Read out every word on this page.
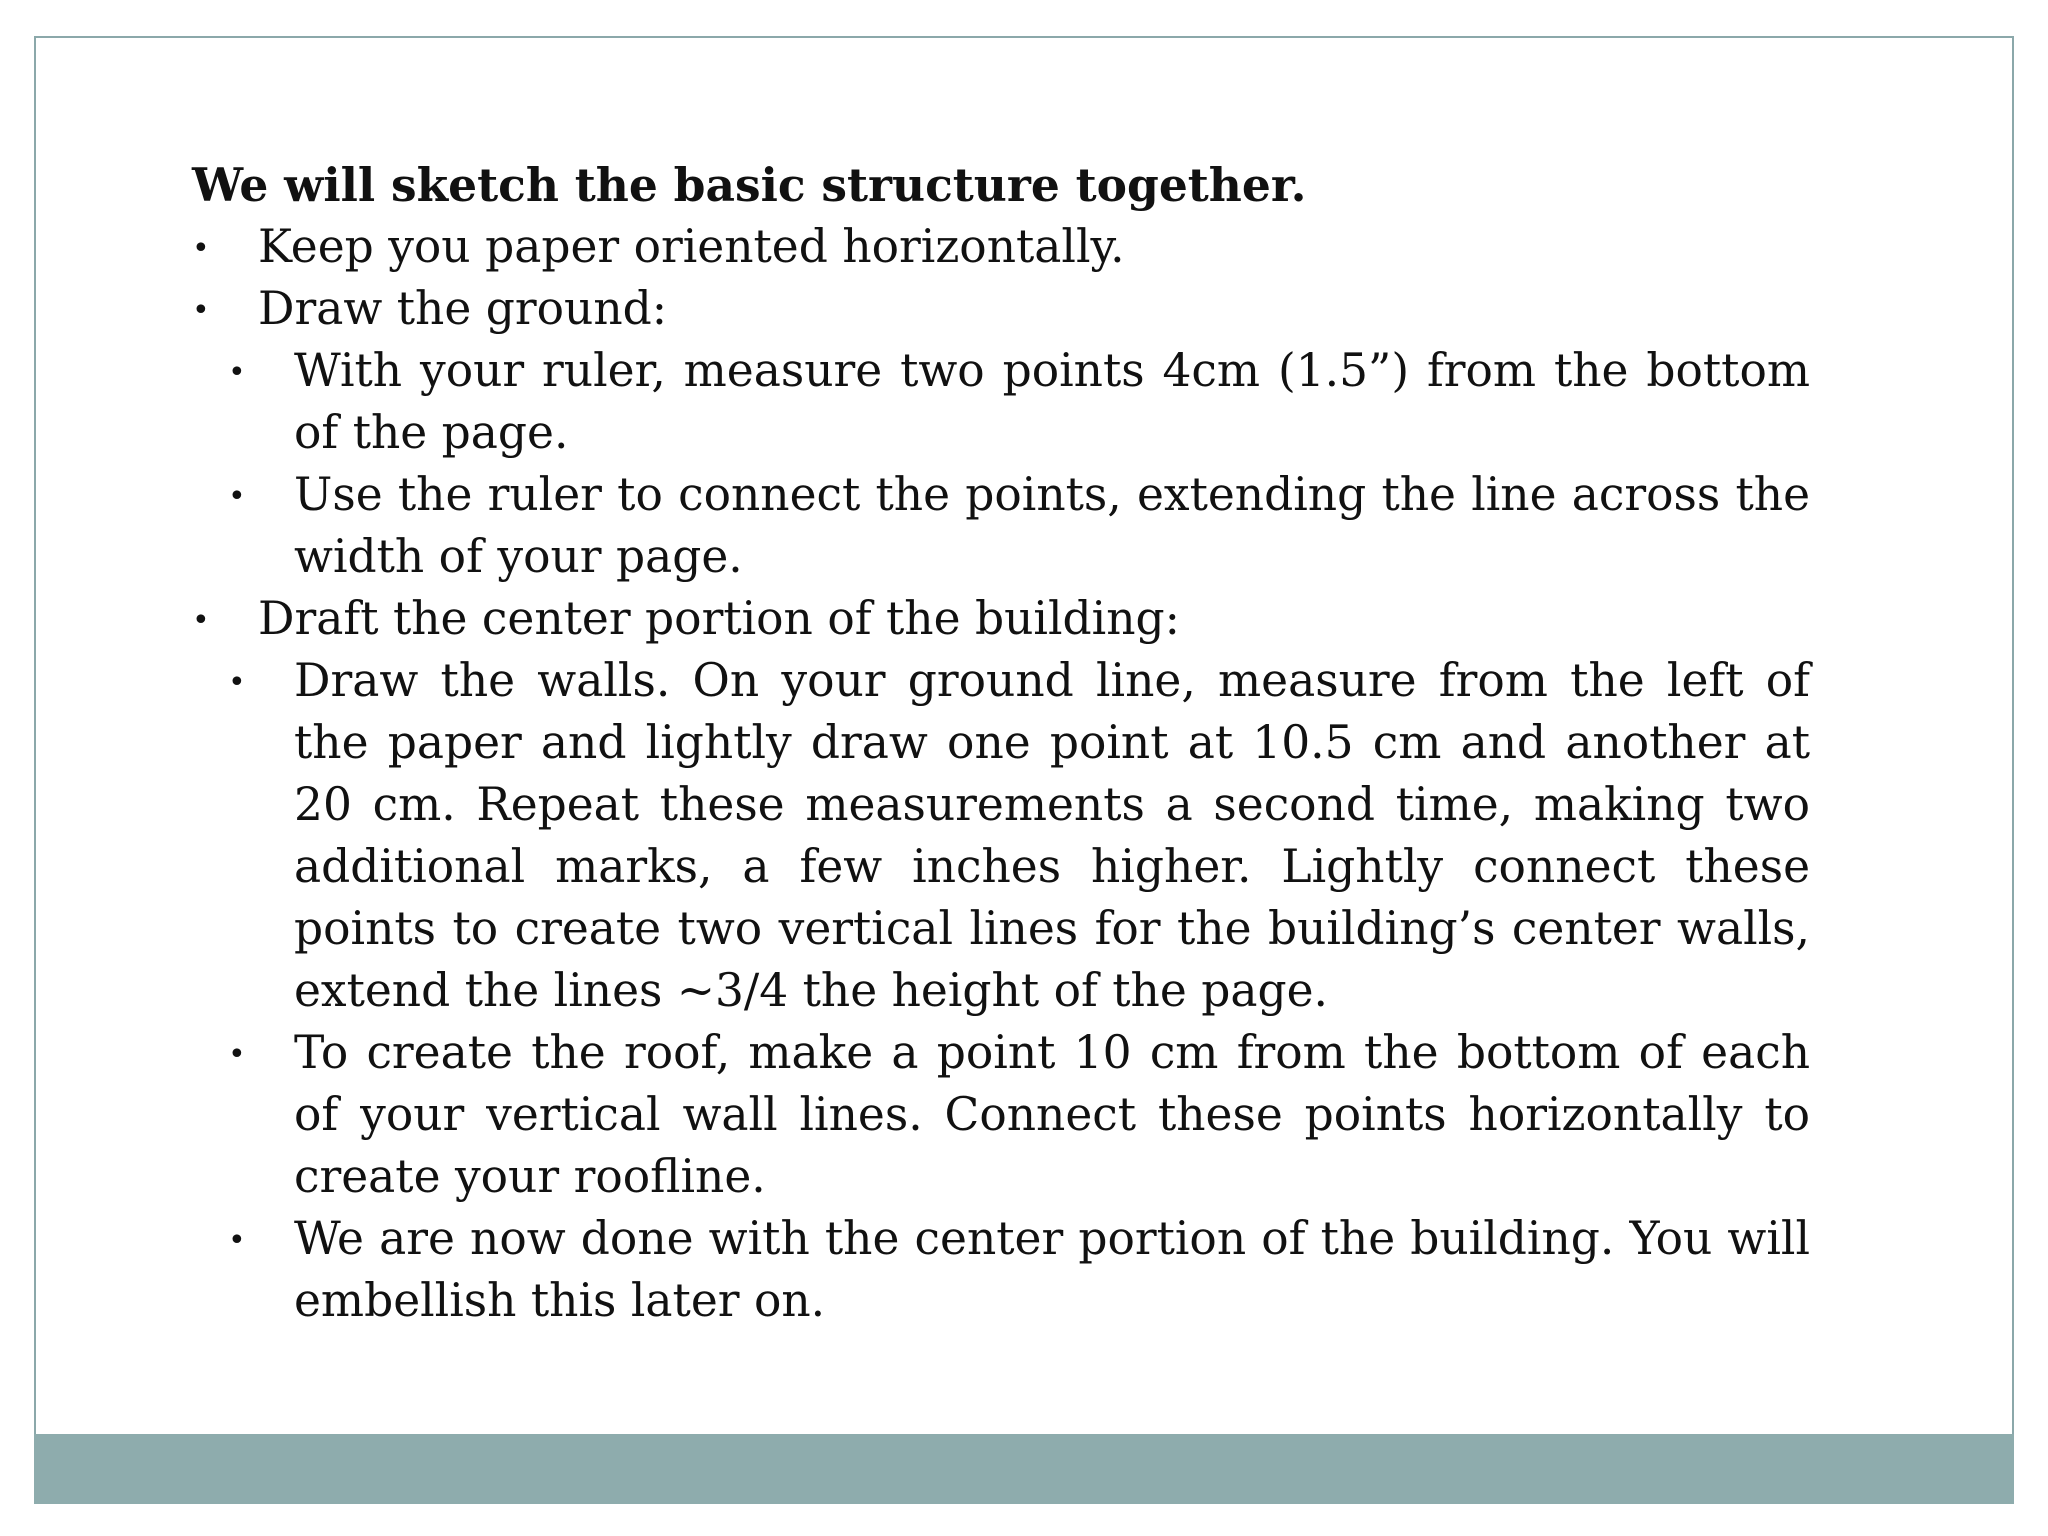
We will sketch the basic structure together.

• Keep you paper oriented horizontally.
• Draw the ground:
• With your ruler, measure two points 4cm (1.5”) from the bottom of the page.
• Use the ruler to connect the points, extending the line across the width of your page.
• Draft the center portion of the building:
• Draw the walls. On your ground line, measure from the left of the paper and lightly draw one point at 10.5 cm and another at 20 cm. Repeat these measurements a second time, making two additional marks, a few inches higher. Lightly connect these points to create two vertical lines for the building’s center walls, extend the lines ~3/4 the height of the page.
• To create the roof, make a point 10 cm from the bottom of each of your vertical wall lines. Connect these points horizontally to create your roofline.
• We are now done with the center portion of the building. You will embellish this later on.
